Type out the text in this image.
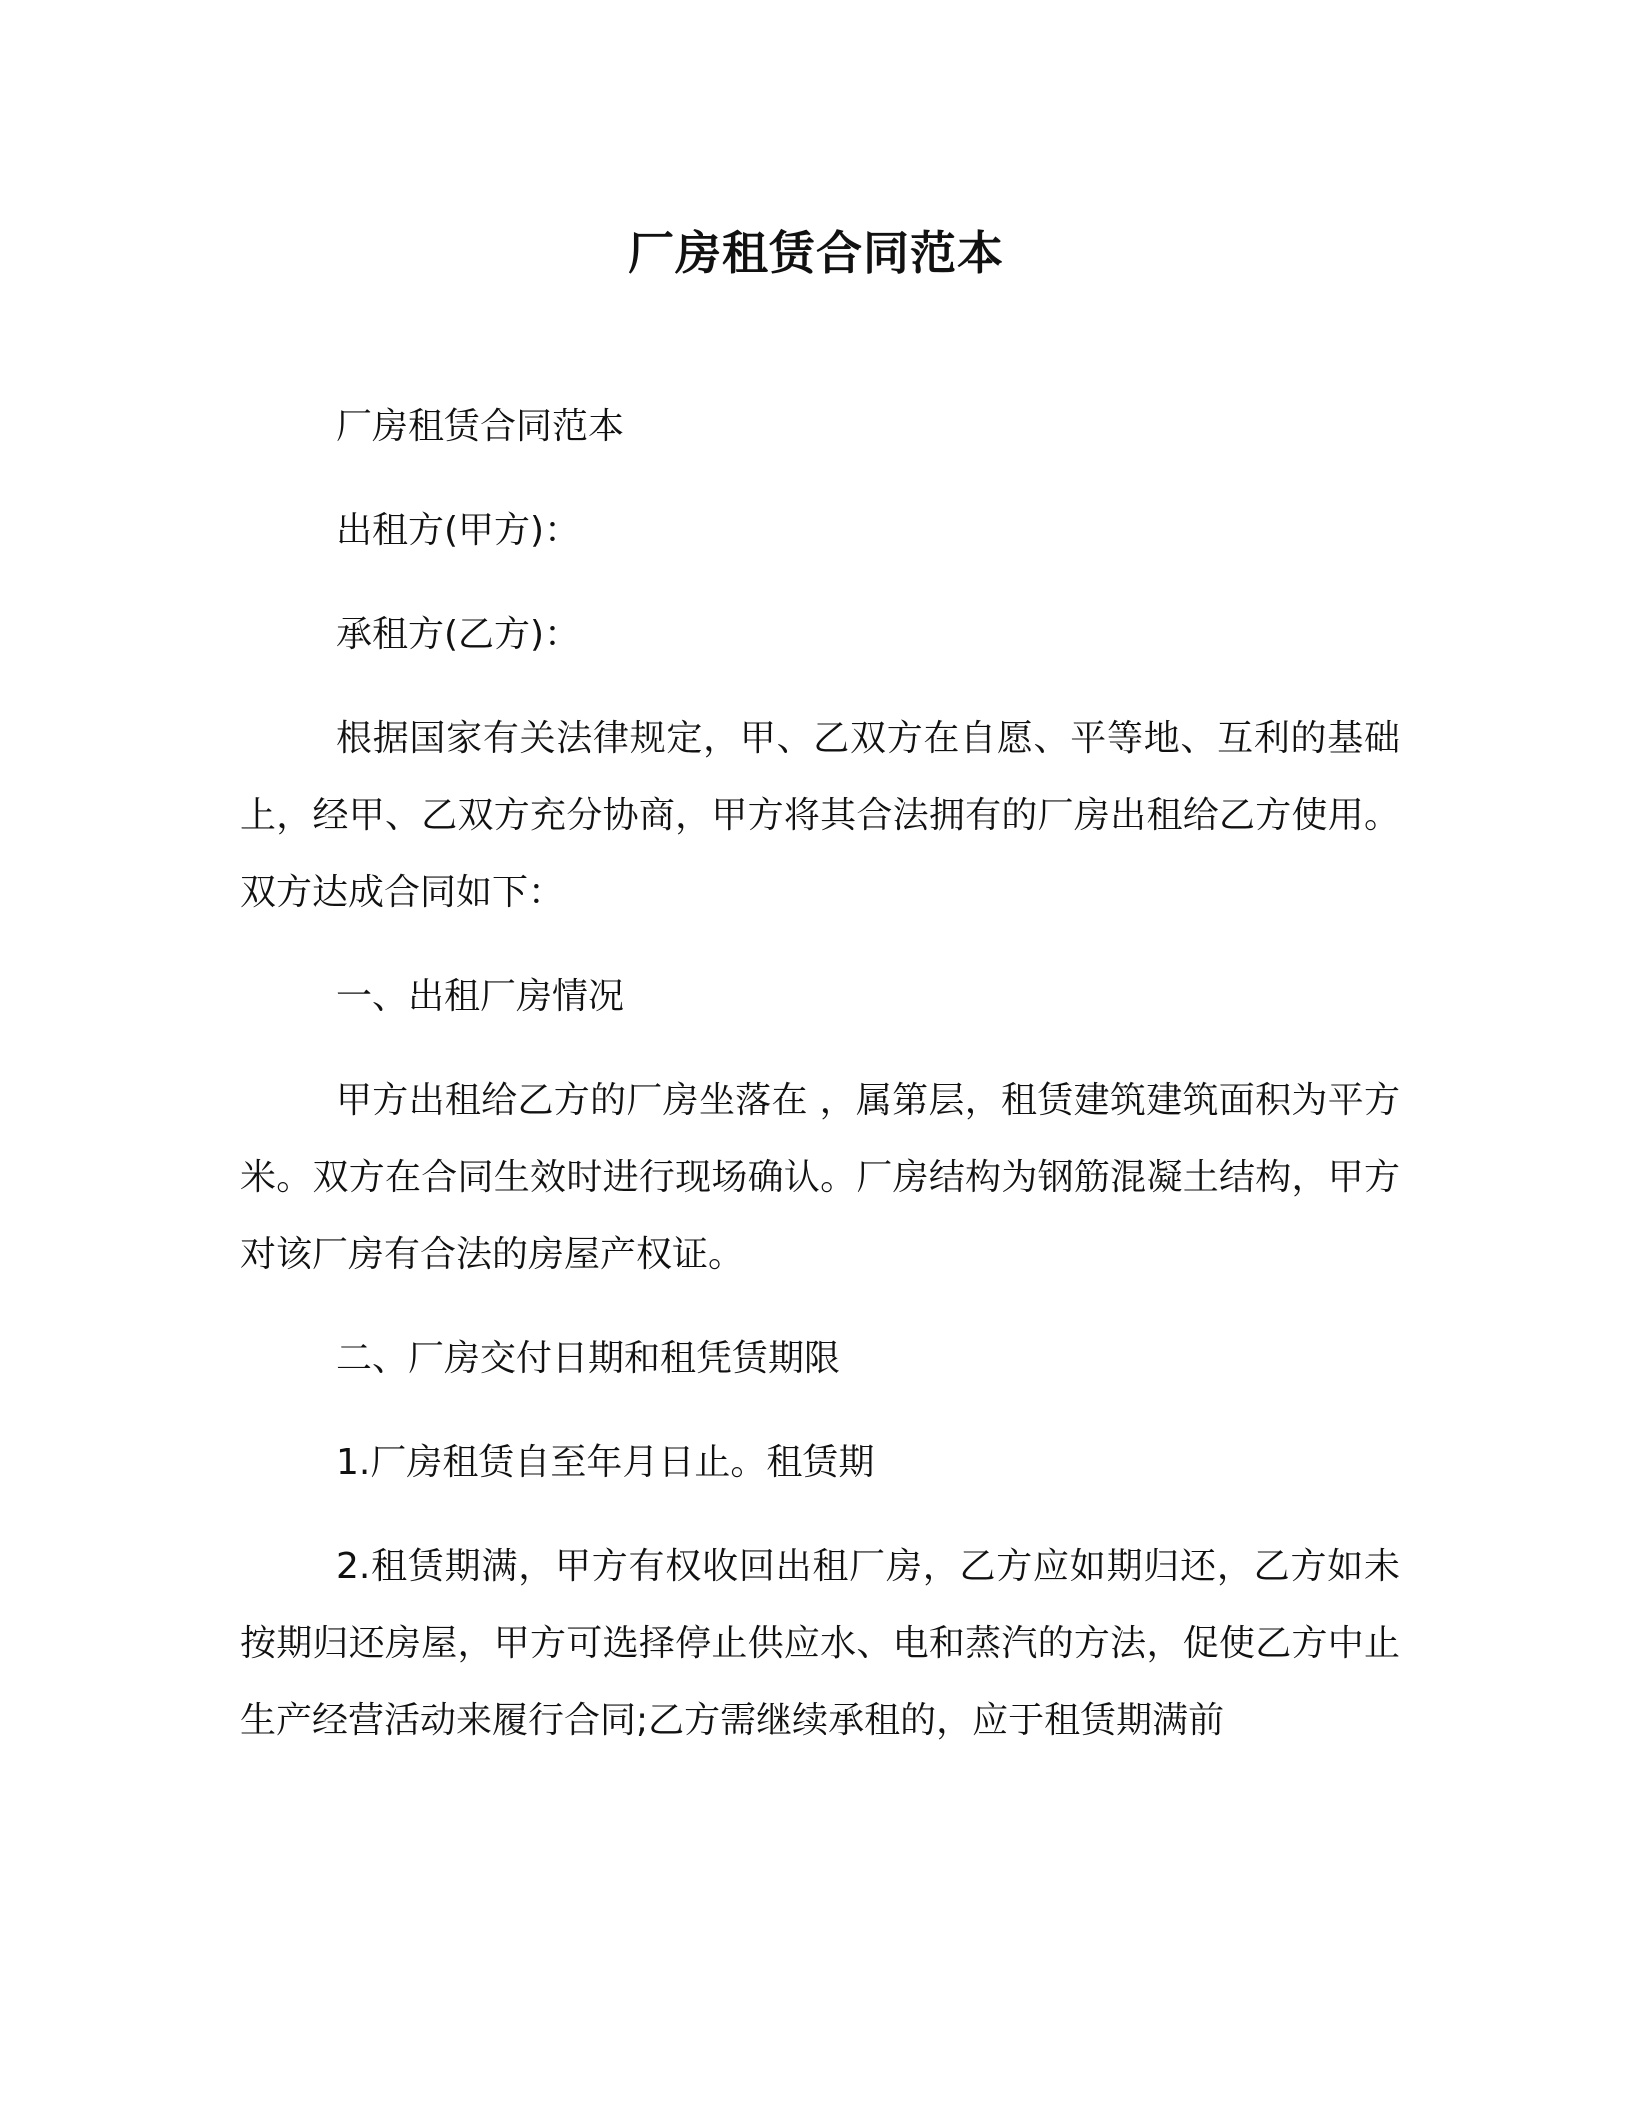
厂房租赁合同范本

厂房租赁合同范本

出租方(甲方)：

承租方(乙方)：

根据国家有关法律规定，甲、乙双方在自愿、平等地、互利的基础上，经甲、乙双方充分协商，甲方将其合法拥有的厂房出租给乙方使用。双方达成合同如下：

一、出租厂房情况

甲方出租给乙方的厂房坐落在 ，属第层，租赁建筑建筑面积为平方米。双方在合同生效时进行现场确认。厂房结构为钢筋混凝土结构，甲方对该厂房有合法的房屋产权证。

二、厂房交付日期和租凭赁期限

1.厂房租赁自至年月日止。租赁期

2.租赁期满，甲方有权收回出租厂房，乙方应如期归还，乙方如未按期归还房屋，甲方可选择停止供应水、电和蒸汽的方法，促使乙方中止生产经营活动来履行合同;乙方需继续承租的，应于租赁期满前
